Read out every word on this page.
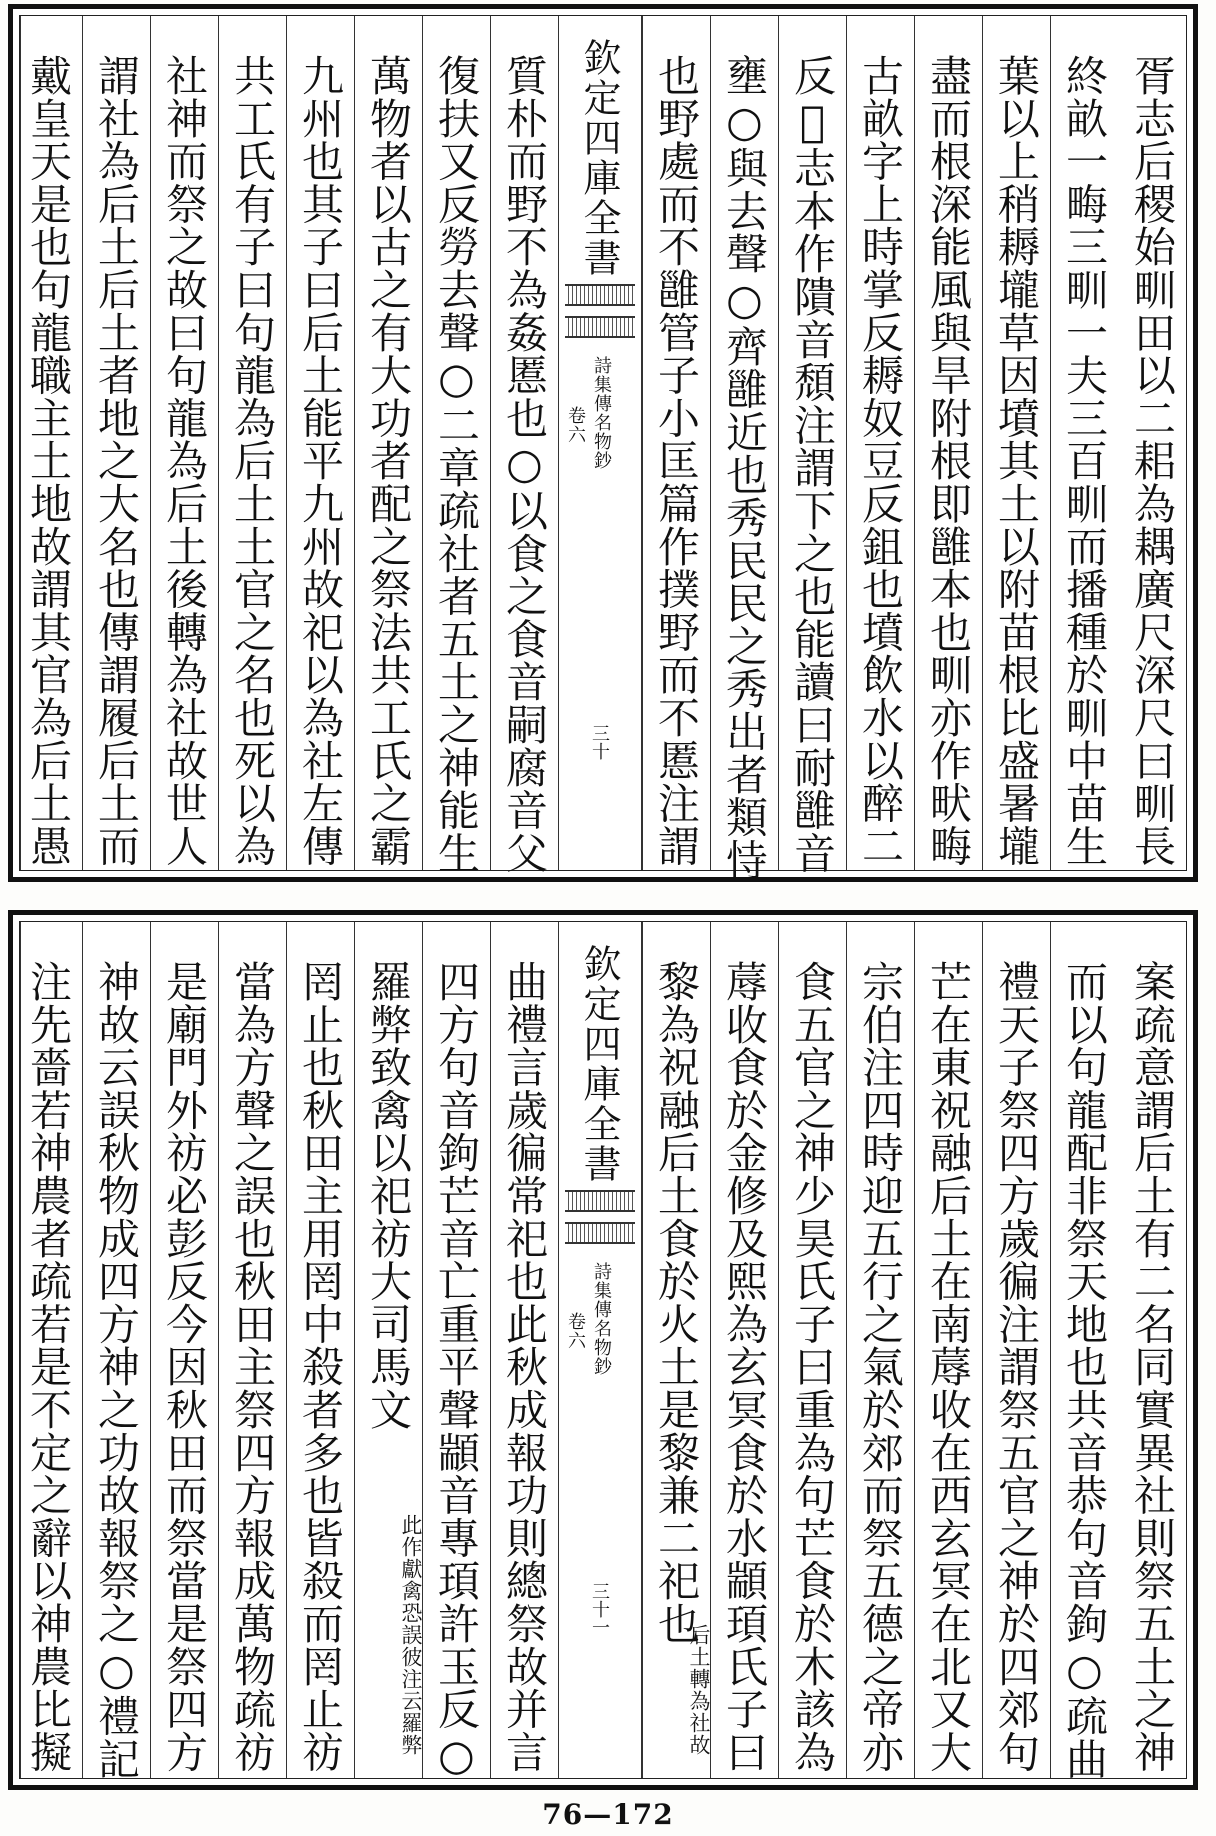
胥志后稷始甽田以二耜為耦廣尺深尺曰甽長
終畝一畮三甽一夫三百甽而播種於甽中苗生
葉以上稍耨壠草因墳其土以附苗根比盛暑壠
盡而根深能風與旱附根即雝本也甽亦作畎畮
古畝字上時掌反耨奴豆反鉏也墳飲水以醉二
反𥘉志本作隤音頹注謂下之也能讀曰耐雝音
壅○與去聲○齊雝近也秀民民之秀出者類恃
也野處而不雝管子小匡篇作撲野而不慝注謂
欽定四庫全書
詩集傳名物鈔
卷六
三十
質朴而野不為姦慝也○以食之食音嗣腐音父
復扶又反勞去聲○二章疏社者五土之神能生
萬物者以古之有大功者配之祭法共工氏之霸
九州也其子曰后土能平九州故祀以為社左傳
共工氏有子曰句龍為后土土官之名也死以為
社神而祭之故曰句龍為后土後轉為社故世人
謂社為后土后土者地之大名也傳謂履后土而
戴皇天是也句龍職主土地故謂其官為后土愚
案疏意謂后土有二名同實異社則祭五土之神
而以句龍配非祭天地也共音恭句音鉤○疏曲
禮天子祭四方歲徧注謂祭五官之神於四郊句
芒在東祝融后土在南蓐收在西玄冥在北又大
宗伯注四時迎五行之氣於郊而祭五德之帝亦
食五官之神少昊氏子曰重為句芒食於木該為
蓐收食於金修及熙為玄冥食於水顓頊氏子曰
黎為祝融后土食於火土是黎兼二祀也
后土轉
為社故
欽定四庫全書
詩集傳名物鈔
卷六
三十一
曲禮言歲徧常祀也此秋成報功則總祭故并言
四方句音鉤芒音亡重平聲顓音專頊許玉反○
羅弊致禽以祀祊大司馬文
此作獻
禽恐誤
彼注云羅弊
罔止也秋田主用罔中殺者多也皆殺而罔止祊
當為方聲之誤也秋田主祭四方報成萬物疏祊
是廟門外祊必彭反今因秋田而祭當是祭四方
神故云誤秋物成四方神之功故報祭之○禮記
注先嗇若神農者疏若是不定之辭以神農比擬
76—172
